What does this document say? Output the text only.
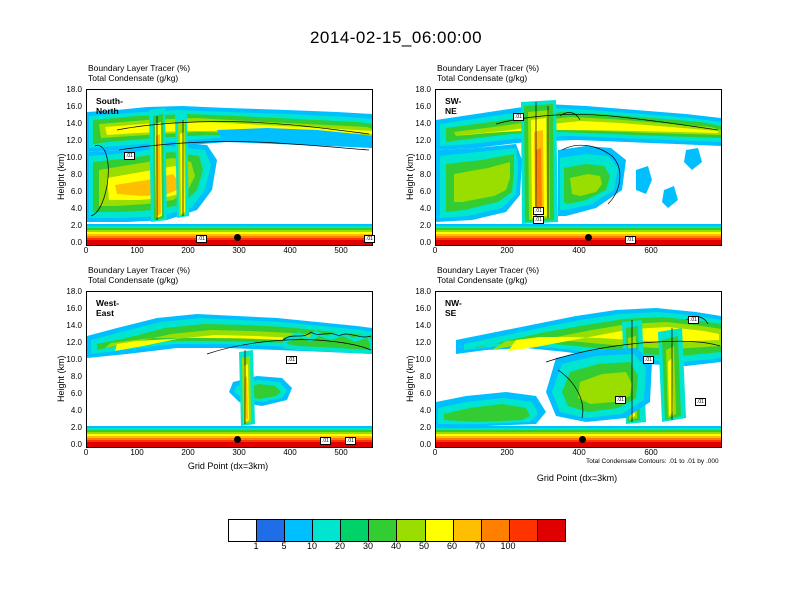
2014-02-15_06:00:00
Boundary Layer Tracer (%)
Total Condensate (g/kg)
Height (km)
18.0
16.0
14.0
12.0
10.0
8.0
6.0
4.0
2.0
0.0
South-North
.01
.01	.01
0	100	200	300	400	500
Boundary Layer Tracer (%)
Total Condensate (g/kg)
Height (km)
18.0
16.0
14.0
12.0
10.0
8.0
6.0
4.0
2.0
0.0
SW-NE
.01
.01
.01
.01
0	200	400	600
Boundary Layer Tracer (%)
Total Condensate (g/kg)
Height (km)
18.0
16.0
14.0
12.0
10.0
8.0
6.0
4.0
2.0
0.0
West-East
.01
.01	.01
0	100	200	300	400	500
Grid Point (dx=3km)
Boundary Layer Tracer (%)
Total Condensate (g/kg)
Height (km)
18.0
16.0
14.0
12.0
10.0
8.0
6.0
4.0
2.0
0.0
NW-SE
.01
.01
.01	.01
0	200	400	600
Total Condensate Contours: .01 to .01 by .000
Grid Point (dx=3km)
1	5	10	20	30	40	50	60	70	100
